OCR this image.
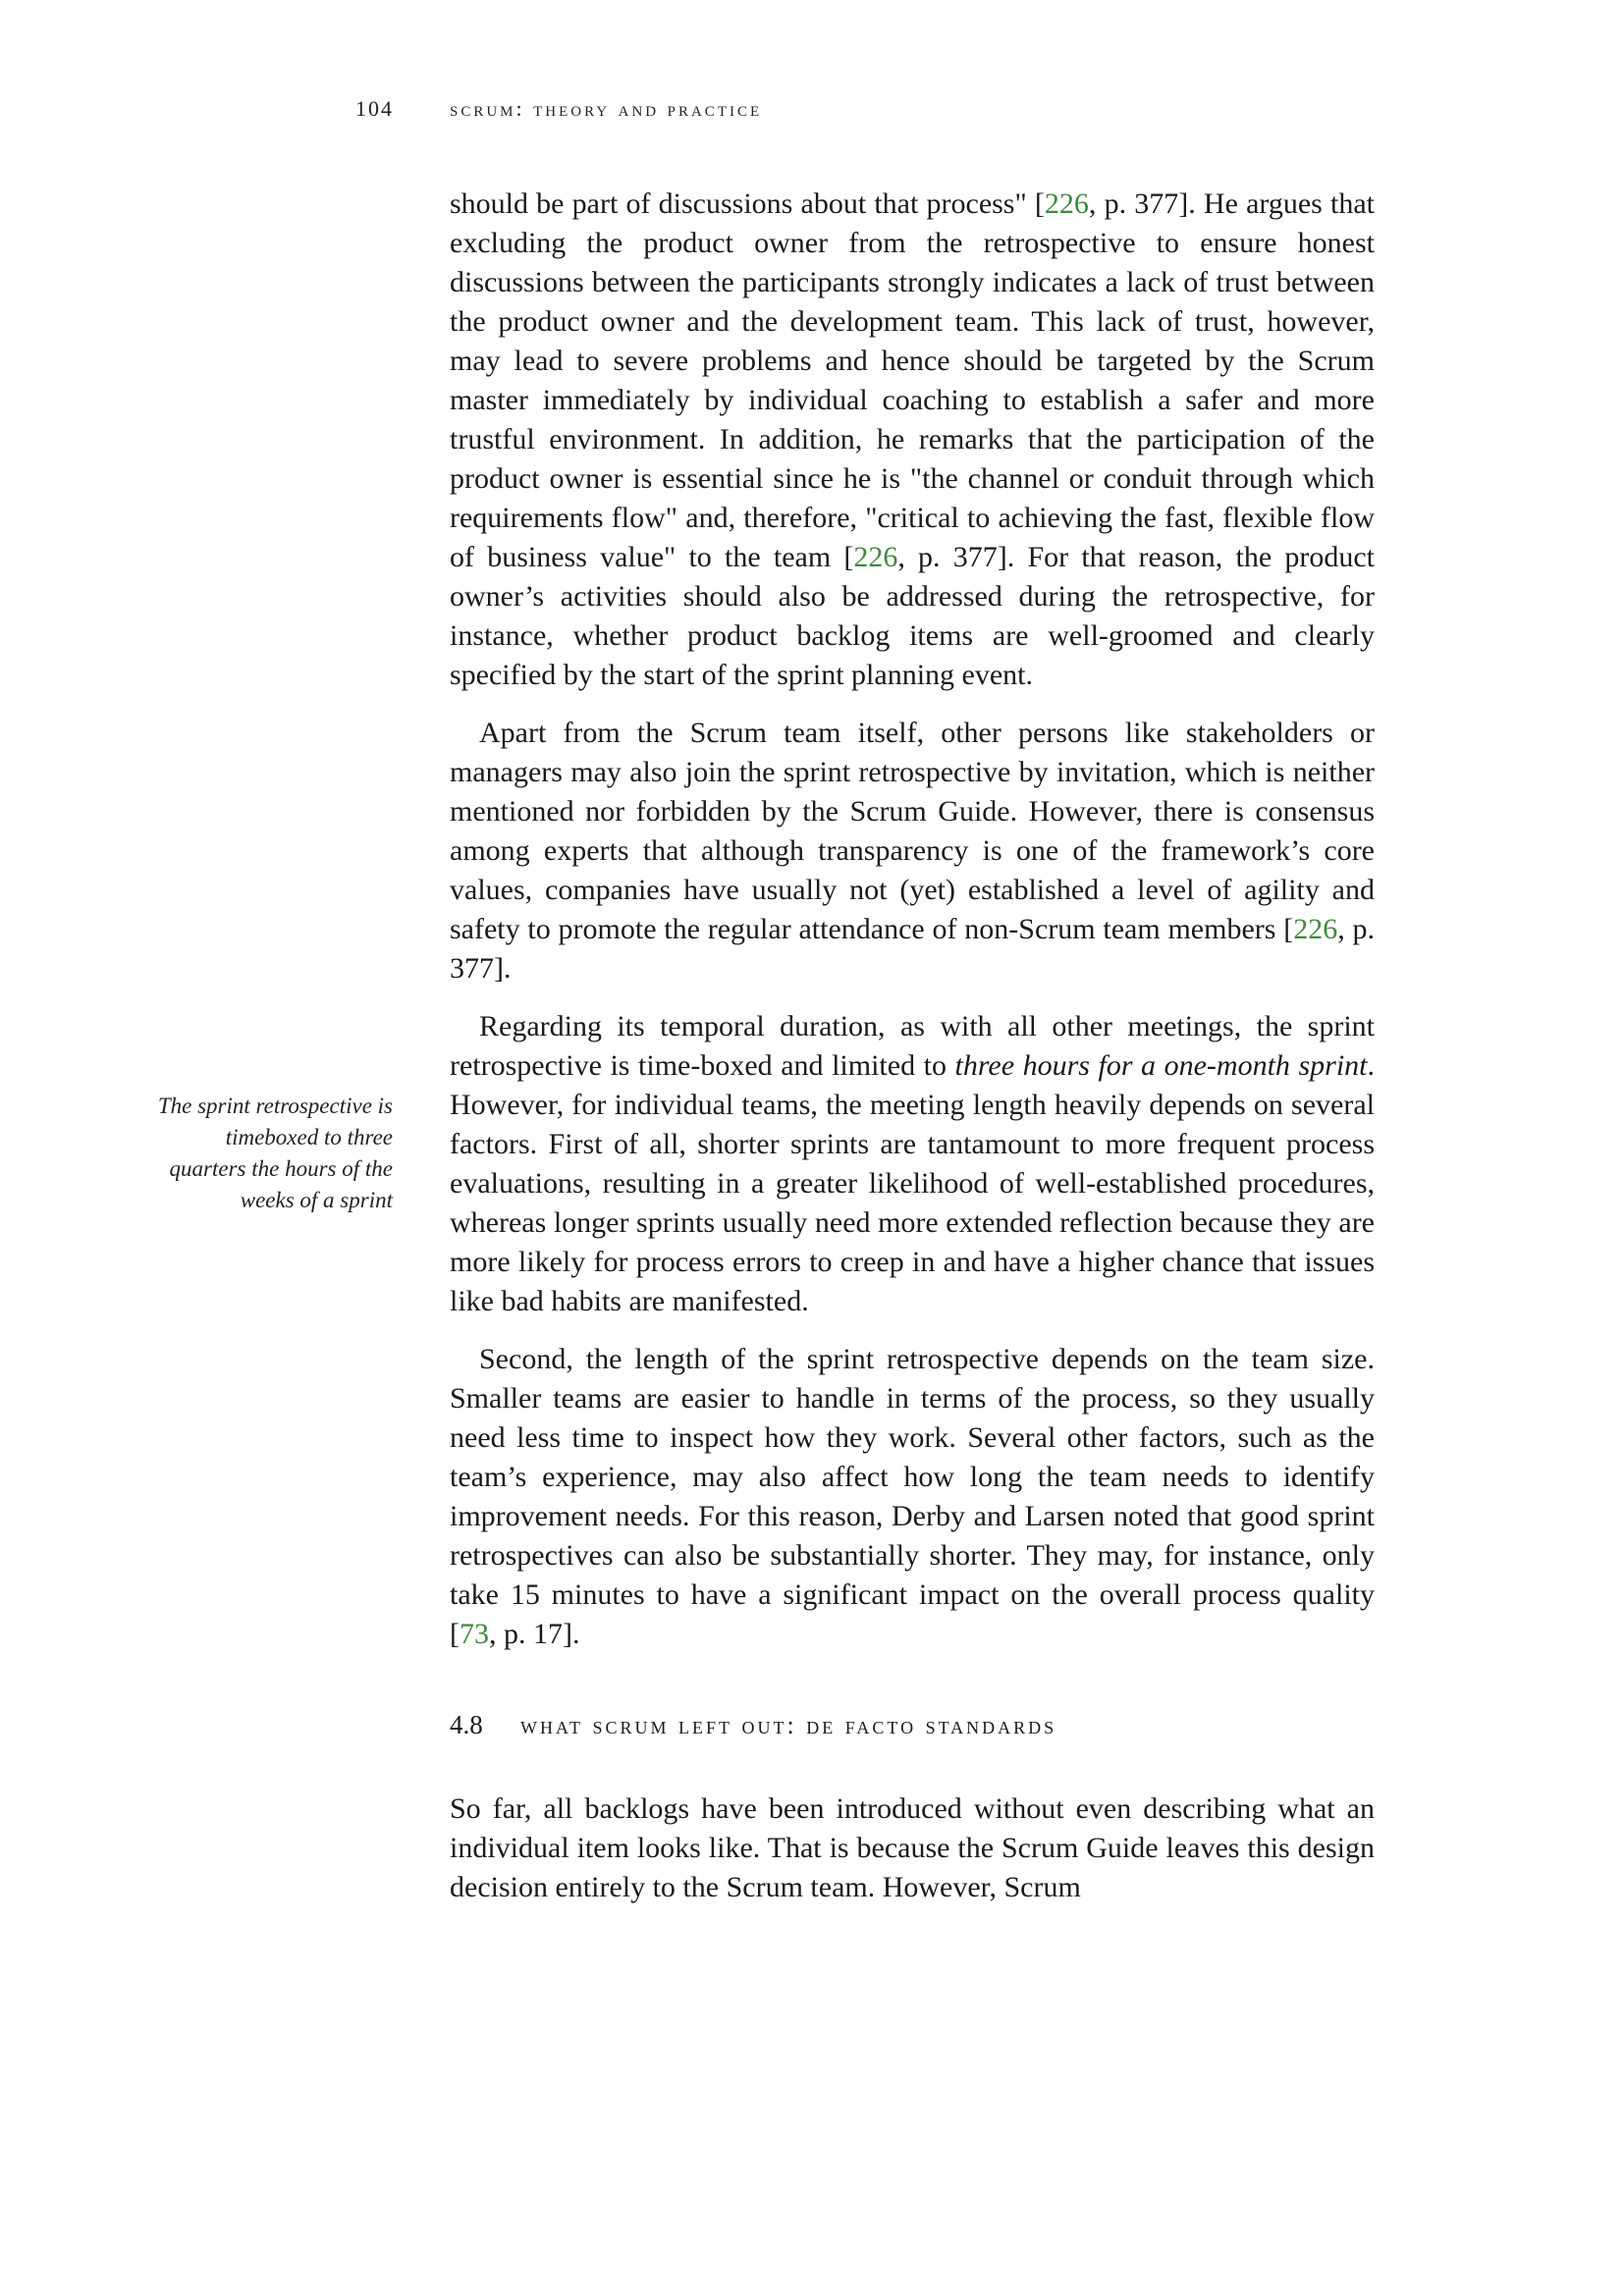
104	scrum: theory and practice
The sprint retrospective is timeboxed to three quarters the hours of the weeks of a sprint

should be part of discussions about that process" [226, p. 377]. He argues that excluding the product owner from the retrospective to ensure honest discussions between the participants strongly indicates a lack of trust between the product owner and the development team. This lack of trust, however, may lead to severe problems and hence should be targeted by the Scrum master immediately by individual coaching to establish a safer and more trustful environment. In addition, he remarks that the participation of the product owner is essential since he is "the channel or conduit through which requirements flow" and, therefore, "critical to achieving the fast, flexible flow of business value" to the team [226, p. 377]. For that reason, the product owner’s activities should also be addressed during the retrospective, for instance, whether product backlog items are well-groomed and clearly specified by the start of the sprint planning event.

Apart from the Scrum team itself, other persons like stakeholders or managers may also join the sprint retrospective by invitation, which is neither mentioned nor forbidden by the Scrum Guide. However, there is consensus among experts that although transparency is one of the framework’s core values, companies have usually not (yet) established a level of agility and safety to promote the regular attendance of non-Scrum team members [226, p. 377].

Regarding its temporal duration, as with all other meetings, the sprint retrospective is time-boxed and limited to three hours for a one-month sprint. However, for individual teams, the meeting length heavily depends on several factors. First of all, shorter sprints are tantamount to more frequent process evaluations, resulting in a greater likelihood of well-established procedures, whereas longer sprints usually need more extended reflection because they are more likely for process errors to creep in and have a higher chance that issues like bad habits are manifested.

Second, the length of the sprint retrospective depends on the team size. Smaller teams are easier to handle in terms of the process, so they usually need less time to inspect how they work. Several other factors, such as the team’s experience, may also affect how long the team needs to identify improvement needs. For this reason, Derby and Larsen noted that good sprint retrospectives can also be substantially shorter. They may, for instance, only take 15 minutes to have a significant impact on the overall process quality [73, p. 17].

4.8 what scrum left out: de facto standards

So far, all backlogs have been introduced without even describing what an individual item looks like. That is because the Scrum Guide leaves this design decision entirely to the Scrum team. However, Scrum
